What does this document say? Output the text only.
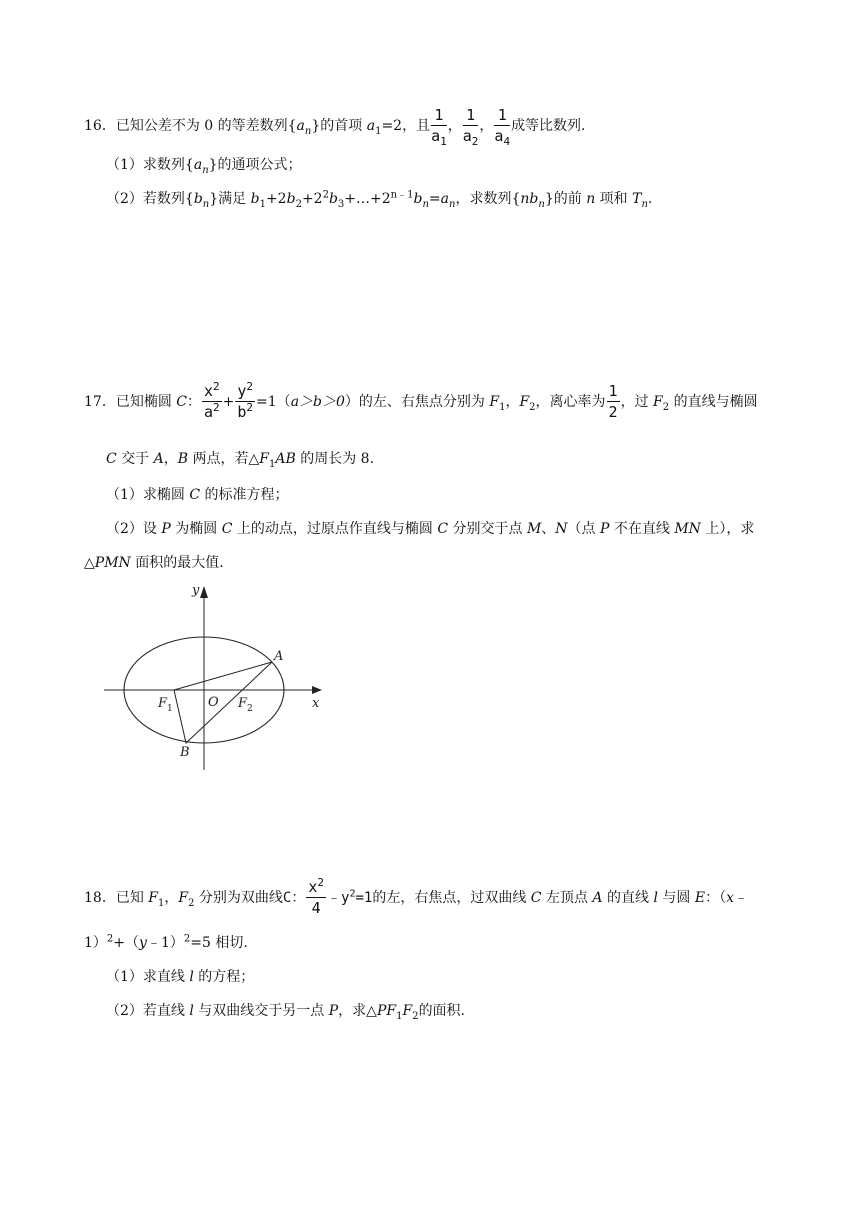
16．已知公差不为 0 的等差数列$\{a_n\}$的首项 $a_1=2$，且 $\frac{1}{a_1}$ ， $\frac{1}{a_2}$ ， $\frac{1}{a_4}$ 成等比数列.
（1）求数列$\{a_n\}$的通项公式；
（2）若数列$\{b_n\}$满足 $b_1+2b_2+2^2b_3+\dots+2^{n﹣1}b_n=a_n$，求数列$\{nb_n\}$的前 n 项和 $T_n$.
17．已知椭圆 C： $\frac{x^2}{a^2} + \frac{y^2}{b^2} =1(a>b>0)$的左、右焦点分别为 $F_1$，$F_2$，离心率为 $\frac{1}{2}$ ，过 $F_2$ 的直线与椭圆
C 交于 A，B 两点，若$\triangle F_1AB$ 的周长为 8.
（1）求椭圆 C 的标准方程；
（2）设 P 为椭圆 C 上的动点，过原点作直线与椭圆 C 分别交于点 M、N（点 P 不在直线 MN 上），求
△PMN 面积的最大值.
y
x
A
B
O
F 1	F 2
18．已知 $F_1$，$F_2$ 分别为双曲线C： $\frac{x^2}{4}$ $﹣y^2=1$的左，右焦点，过双曲线 C 左顶点 A 的直线 l 与圆 E：（x﹣
1）$^2$+（y﹣1）$^2$=5 相切.
（1）求直线 l 的方程；
（2）若直线 l 与双曲线交于另一点 P，求$\triangle PF_1F_2$的面积.
